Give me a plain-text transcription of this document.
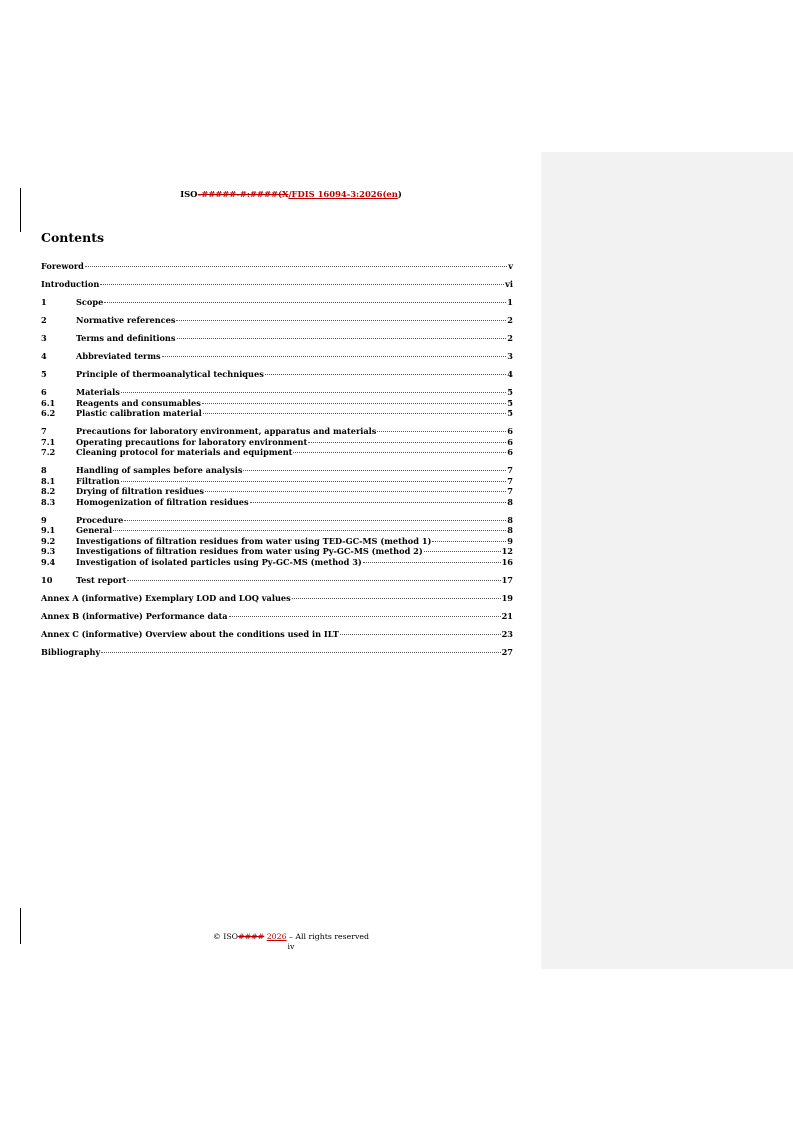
ISO-#####-#:####(X/FDIS 16094-3:2026(en)
Contents
Foreword	v
Introduction	vi
1	Scope	1
2	Normative references	2
3	Terms and definitions	2
4	Abbreviated terms	3
5	Principle of thermoanalytical techniques	4
6	Materials	5
6.1	Reagents and consumables	5
6.2	Plastic calibration material	5
7	Precautions for laboratory environment, apparatus and materials	6
7.1	Operating precautions for laboratory environment	6
7.2	Cleaning protocol for materials and equipment	6
8	Handling of samples before analysis	7
8.1	Filtration	7
8.2	Drying of filtration residues	7
8.3	Homogenization of filtration residues	8
9	Procedure	8
9.1	General	8
9.2	Investigations of filtration residues from water using TED-GC-MS (method 1)	9
9.3	Investigations of filtration residues from water using Py-GC-MS (method 2)	12
9.4	Investigation of isolated particles using Py-GC-MS (method 3)	16
10	Test report	17
Annex A (informative) Exemplary LOD and LOQ values	19
Annex B (informative) Performance data	21
Annex C (informative) Overview about the conditions used in ILT	23
Bibliography	27
© ISO#### 2026 – All rights reserved
iv
